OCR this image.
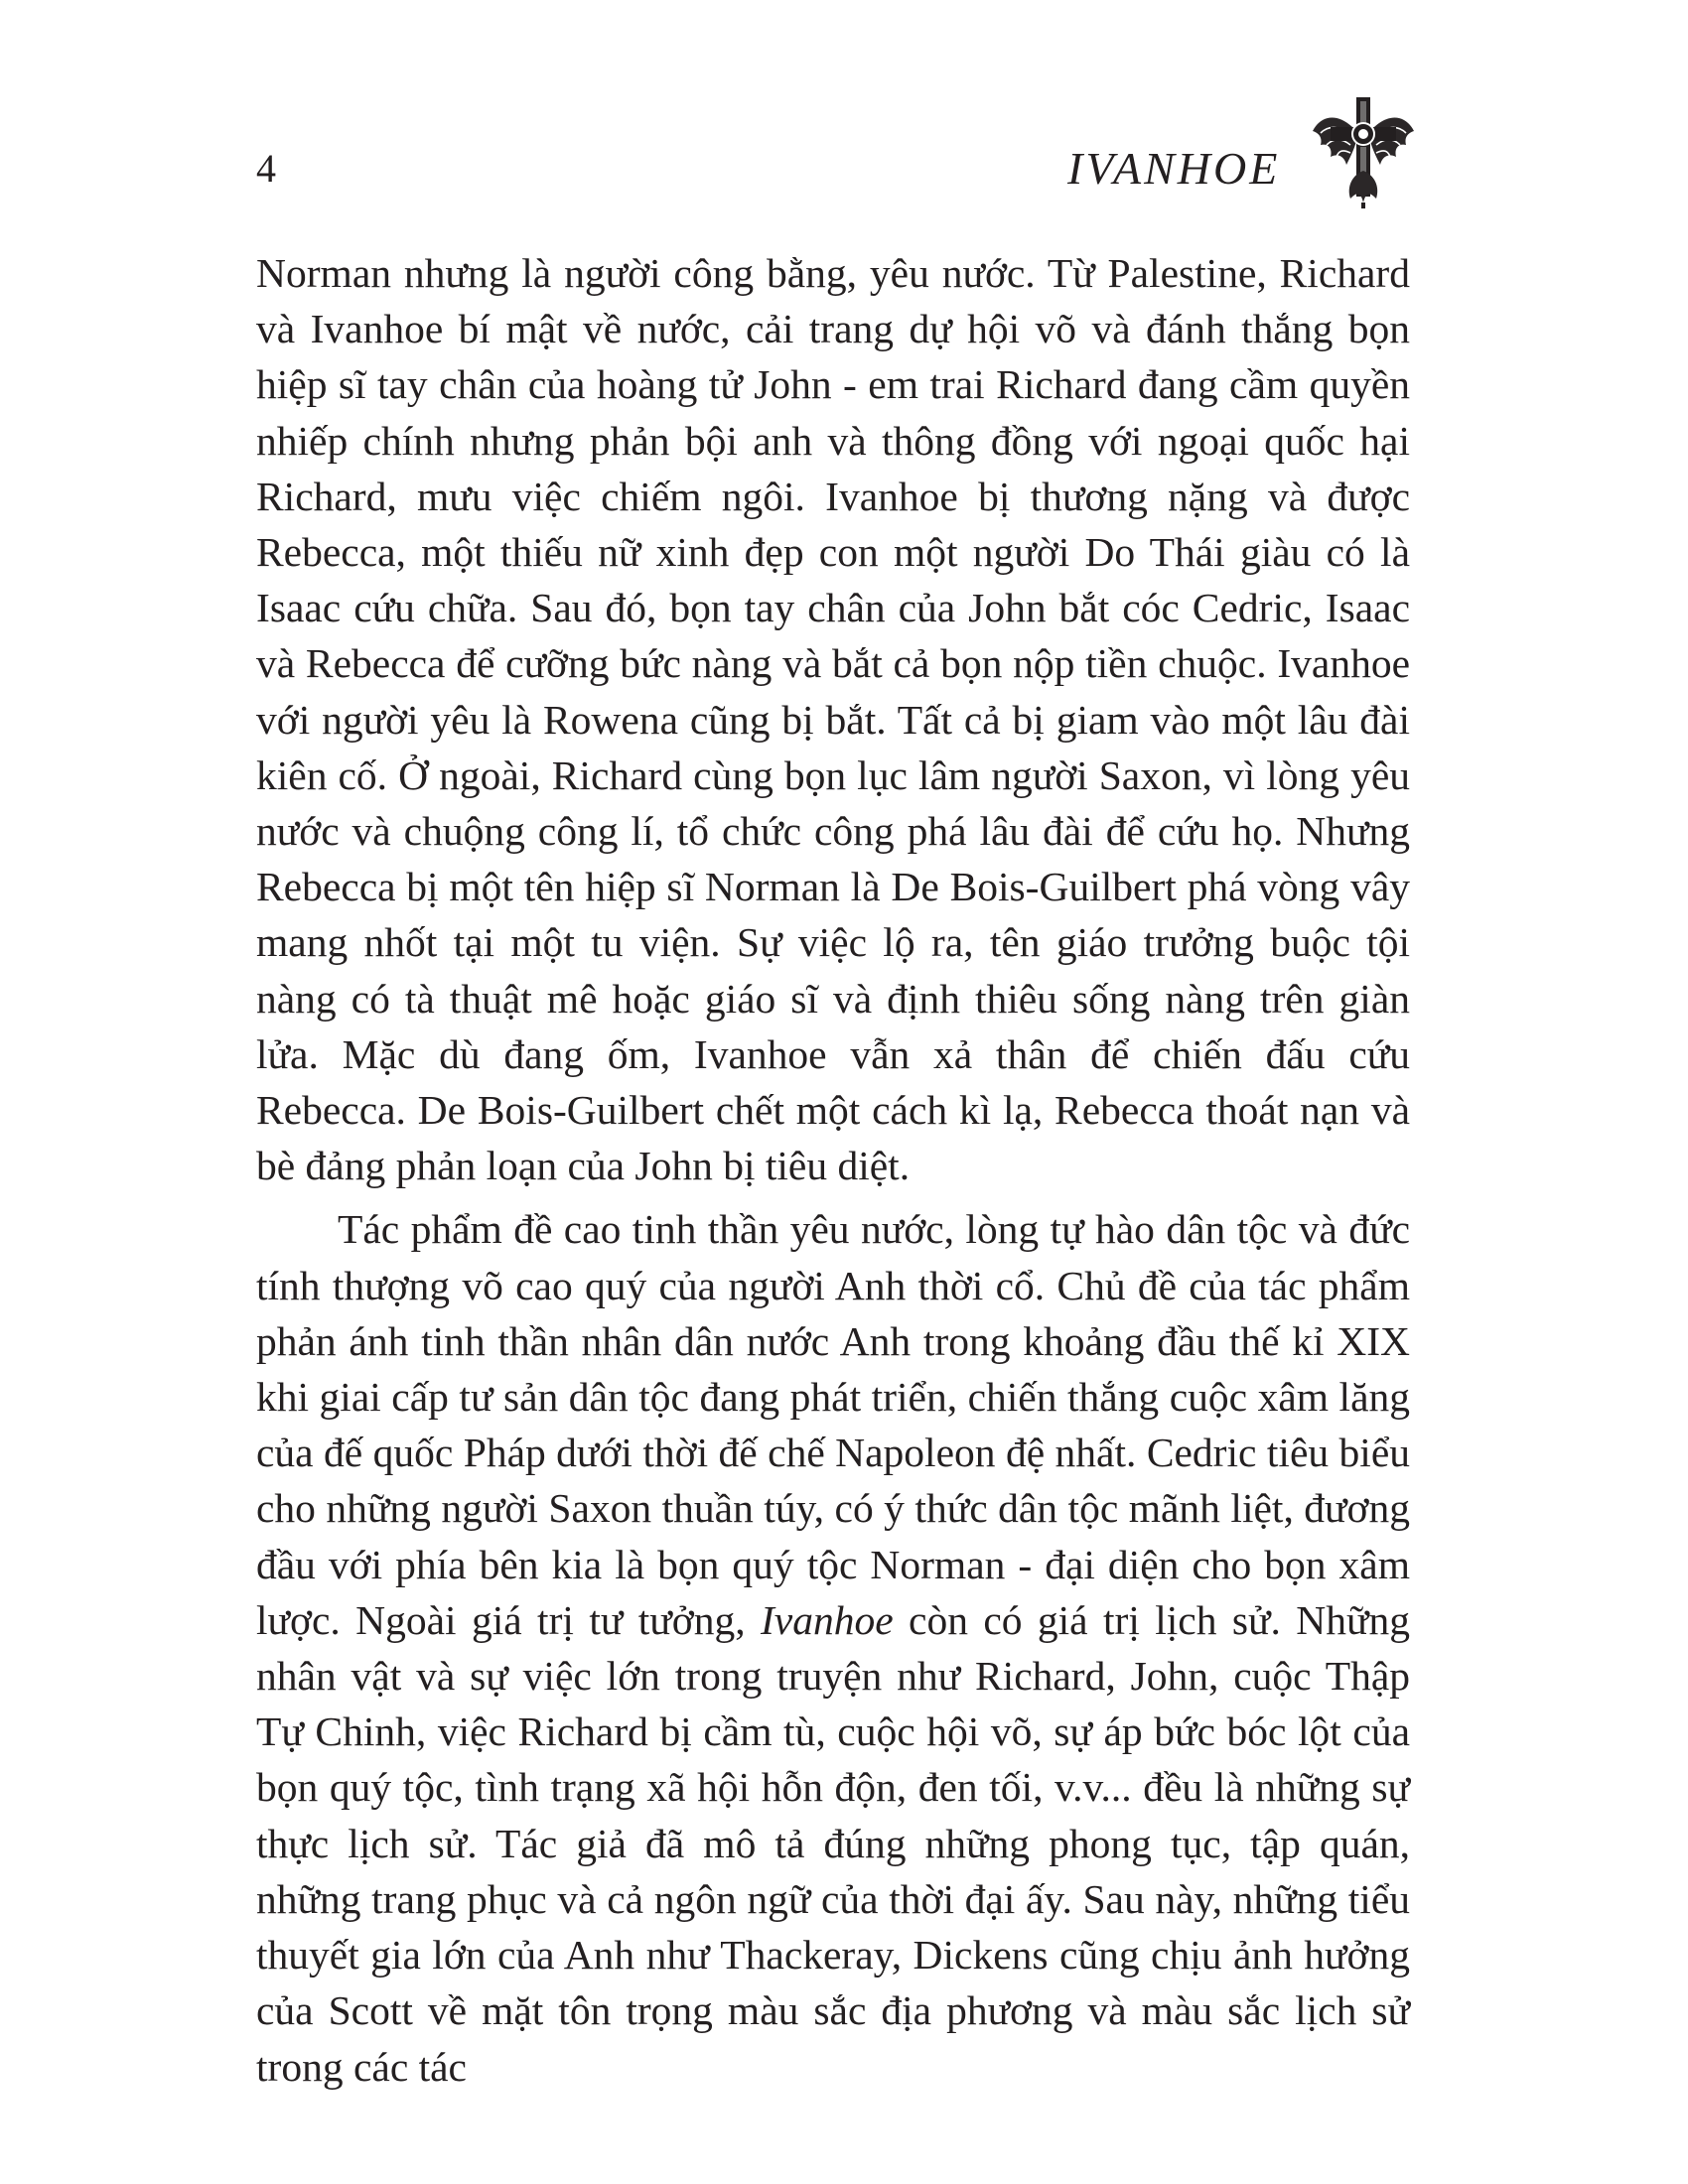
4	IVANHOE

Norman nhưng là người công bằng, yêu nước. Từ Palestine, Richard và Ivanhoe bí mật về nước, cải trang dự hội võ và đánh thắng bọn hiệp sĩ tay chân của hoàng tử John - em trai Richard đang cầm quyền nhiếp chính nhưng phản bội anh và thông đồng với ngoại quốc hại Richard, mưu việc chiếm ngôi. Ivanhoe bị thương nặng và được Rebecca, một thiếu nữ xinh đẹp con một người Do Thái giàu có là Isaac cứu chữa. Sau đó, bọn tay chân của John bắt cóc Cedric, Isaac và Rebecca để cưỡng bức nàng và bắt cả bọn nộp tiền chuộc. Ivanhoe với người yêu là Rowena cũng bị bắt. Tất cả bị giam vào một lâu đài kiên cố. Ở ngoài, Richard cùng bọn lục lâm người Saxon, vì lòng yêu nước và chuộng công lí, tổ chức công phá lâu đài để cứu họ. Nhưng Rebecca bị một tên hiệp sĩ Norman là De Bois-Guilbert phá vòng vây mang nhốt tại một tu viện. Sự việc lộ ra, tên giáo trưởng buộc tội nàng có tà thuật mê hoặc giáo sĩ và định thiêu sống nàng trên giàn lửa. Mặc dù đang ốm, Ivanhoe vẫn xả thân để chiến đấu cứu Rebecca. De Bois-Guilbert chết một cách kì lạ, Rebecca thoát nạn và bè đảng phản loạn của John bị tiêu diệt.

Tác phẩm đề cao tinh thần yêu nước, lòng tự hào dân tộc và đức tính thượng võ cao quý của người Anh thời cổ. Chủ đề của tác phẩm phản ánh tinh thần nhân dân nước Anh trong khoảng đầu thế kỉ XIX khi giai cấp tư sản dân tộc đang phát triển, chiến thắng cuộc xâm lăng của đế quốc Pháp dưới thời đế chế Napoleon đệ nhất. Cedric tiêu biểu cho những người Saxon thuần túy, có ý thức dân tộc mãnh liệt, đương đầu với phía bên kia là bọn quý tộc Norman - đại diện cho bọn xâm lược. Ngoài giá trị tư tưởng, Ivanhoe còn có giá trị lịch sử. Những nhân vật và sự việc lớn trong truyện như Richard, John, cuộc Thập Tự Chinh, việc Richard bị cầm tù, cuộc hội võ, sự áp bức bóc lột của bọn quý tộc, tình trạng xã hội hỗn độn, đen tối, v.v... đều là những sự thực lịch sử. Tác giả đã mô tả đúng những phong tục, tập quán, những trang phục và cả ngôn ngữ của thời đại ấy. Sau này, những tiểu thuyết gia lớn của Anh như Thackeray, Dickens cũng chịu ảnh hưởng của Scott về mặt tôn trọng màu sắc địa phương và màu sắc lịch sử trong các tác
